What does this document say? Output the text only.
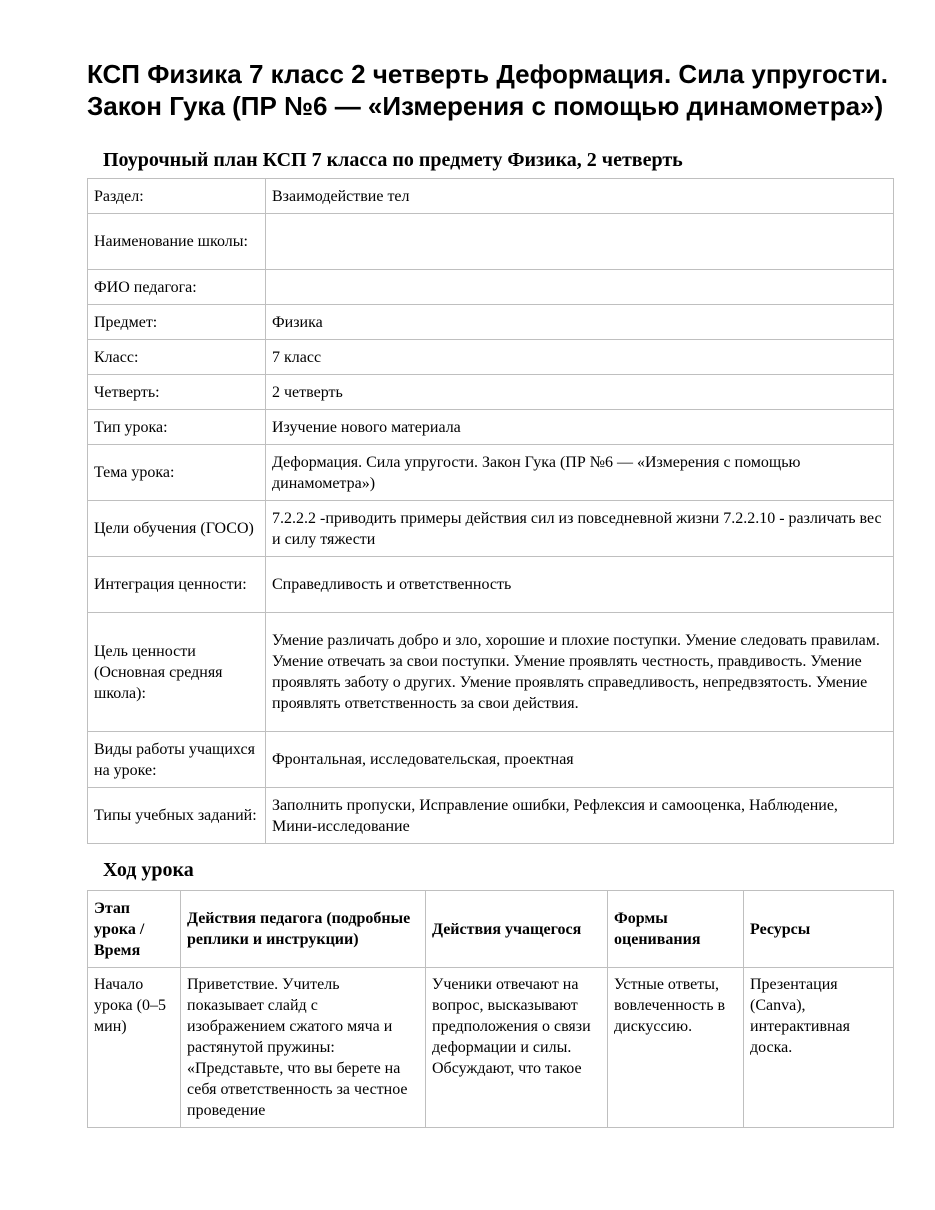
КСП Физика 7 класс 2 четверть Деформация. Сила упругости. Закон Гука (ПР №6 — «Измерения с помощью динамометра»)
Поурочный план КСП 7 класса по предмету Физика, 2 четверть
Раздел:	Взаимодействие тел
Наименование школы:	
ФИО педагога:	
Предмет:	Физика
Класс:	7 класс
Четверть:	2 четверть
Тип урока:	Изучение нового материала
Тема урока:	Деформация. Сила упругости. Закон Гука (ПР №6 — «Измерения с помощью динамометра»)
Цели обучения (ГОСО)	7.2.2.2 -приводить примеры действия сил из повседневной жизни 7.2.2.10 - различать вес и силу тяжести
Интеграция ценности:	Справедливость и ответственность
Цель ценности (Основная средняя школа):	Умение различать добро и зло, хорошие и плохие поступки. Умение следовать правилам. Умение отвечать за свои поступки. Умение проявлять честность, правдивость. Умение проявлять заботу о других. Умение проявлять справедливость, непредвзятость. Умение проявлять ответственность за свои действия.
Виды работы учащихся на уроке:	Фронтальная, исследовательская, проектная
Типы учебных заданий:	Заполнить пропуски, Исправление ошибки, Рефлексия и самооценка, Наблюдение, Мини-исследование
Ход урока
Этап урока / Время	Действия педагога (подробные реплики и инструкции)	Действия учащегося	Формы оценивания	Ресурсы

Начало урока (0–5 мин)	Приветствие. Учитель показывает слайд с изображением сжатого мяча и растянутой пружины: «Представьте, что вы берете на себя ответственность за честное проведение	Ученики отвечают на вопрос, высказывают предположения о связи деформации и силы. Обсуждают, что такое	Устные ответы, вовлеченность в дискуссию.	Презентация (Canva), интерактивная доска.
